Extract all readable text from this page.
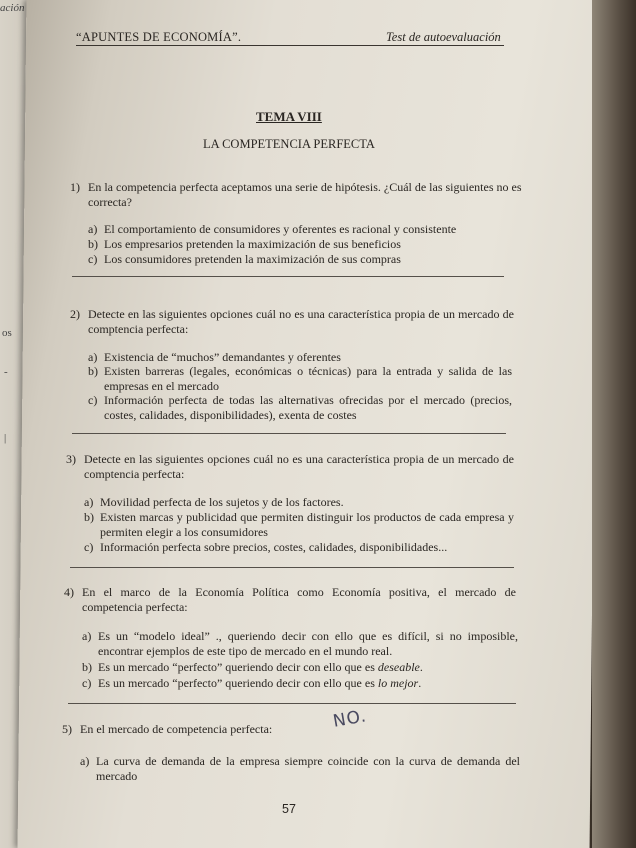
ación
os
-
|
“APUNTES DE ECONOMÍA”.	Test de autoevaluación
TEMA VIII
LA COMPETENCIA PERFECTA
1) En la competencia perfecta aceptamos una serie de hipótesis. ¿Cuál de las siguientes no es correcta?
a) El comportamiento de consumidores y oferentes es racional y consistente
b) Los empresarios pretenden la maximización de sus beneficios
c) Los consumidores pretenden la maximización de sus compras
2) Detecte en las siguientes opciones cuál no es una característica propia de un mercado de comptencia perfecta:
a) Existencia de “muchos” demandantes y oferentes
b) Existen barreras (legales, económicas o técnicas) para la entrada y salida de las empresas en el mercado
c) Información perfecta de todas las alternativas ofrecidas por el mercado (precios, costes, calidades, disponibilidades), exenta de costes
3) Detecte en las siguientes opciones cuál no es una característica propia de un mercado de comptencia perfecta:
a) Movilidad perfecta de los sujetos y de los factores.
b) Existen marcas y publicidad que permiten distinguir los productos de cada empresa y permiten elegir a los consumidores
c) Información perfecta sobre precios, costes, calidades, disponibilidades...
4) En el marco de la Economía Política como Economía positiva, el mercado de competencia perfecta:
a) Es un “modelo ideal” ., queriendo decir con ello que es difícil, si no imposible, encontrar ejemplos de este tipo de mercado en el mundo real.
b) Es un mercado “perfecto” queriendo decir con ello que es deseable.
c) Es un mercado “perfecto” queriendo decir con ello que es lo mejor.
5) En el mercado de competencia perfecta:	NO.
a) La curva de demanda de la empresa siempre coincide con la curva de demanda del mercado
57
